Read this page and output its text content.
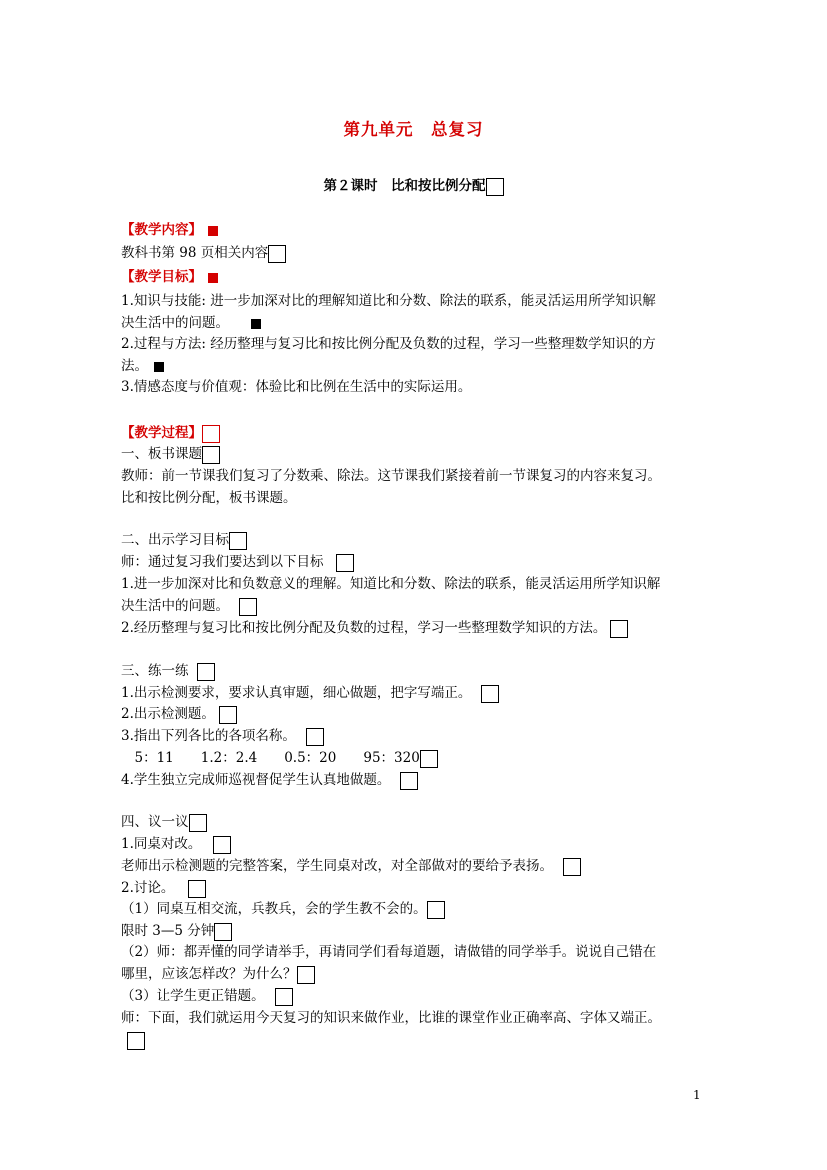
第九单元　总复习
第２课时　比和按比例分配
【教学内容】
教科书第 98 页相关内容
【教学目标】
1.知识与技能: 进一步加深对比的理解知道比和分数、除法的联系，能灵活运用所学知识解
决生活中的问题。
2.过程与方法: 经历整理与复习比和按比例分配及负数的过程，学习一些整理数学知识的方
法。
3.情感态度与价值观：体验比和比例在生活中的实际运用。
【教学过程】
一、板书课题
教师：前一节课我们复习了分数乘、除法。这节课我们紧接着前一节课复习的内容来复习。
比和按比例分配，板书课题。
二、出示学习目标
师：通过复习我们要达到以下目标
1.进一步加深对比和负数意义的理解。知道比和分数、除法的联系，能灵活运用所学知识解
决生活中的问题。
2.经历整理与复习比和按比例分配及负数的过程，学习一些整理数学知识的方法。
三、练一练
1.出示检测要求，要求认真审题，细心做题，把字写端正。
2.出示检测题。
3.指出下列各比的各项名称。
　5：11　　1.2：2.4　　0.5：20　　95：320
4.学生独立完成师巡视督促学生认真地做题。
四、议一议
1.同桌对改。
老师出示检测题的完整答案，学生同桌对改，对全部做对的要给予表扬。
2.讨论。
（1）同桌互相交流，兵教兵，会的学生教不会的。
限时 3—5 分钟
（2）师：都弄懂的同学请举手，再请同学们看每道题，请做错的同学举手。说说自己错在
哪里，应该怎样改？为什么？
（3）让学生更正错题。
师：下面，我们就运用今天复习的知识来做作业，比谁的课堂作业正确率高、字体又端正。
1
